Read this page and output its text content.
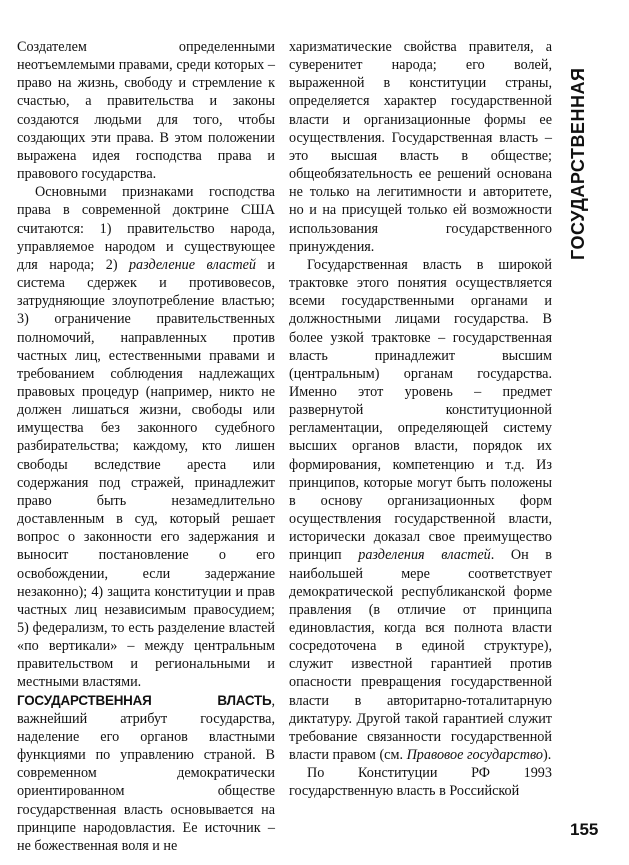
Создателем определенными неотъемлемыми правами, среди которых – право на жизнь, свободу и стремление к счастью, а правительства и законы создаются людьми для того, чтобы создающих эти права. В этом положении выражена идея господства права и правового государства.

Основными признаками господства права в современной доктрине США считаются: 1) правительство народа, управляемое народом и существующее для народа; 2) разделение властей и система сдержек и противовесов, затрудняющие злоупотребление властью; 3) ограничение правительственных полномочий, направленных против частных лиц, естественными правами и требованием соблюдения надлежащих правовых процедур (например, никто не должен лишаться жизни, свободы или имущества без законного судебного разбирательства; каждому, кто лишен свободы вследствие ареста или содержания под стражей, принадлежит право быть незамедлительно доставленным в суд, который решает вопрос о законности его задержания и выносит постановление о его освобождении, если задержание незаконно); 4) защита конституции и прав частных лиц независимым правосудием; 5) федерализм, то есть разделение властей «по вертикали» – между центральным правительством и региональными и местными властями.

ГОСУДАРСТВЕННАЯ ВЛАСТЬ, важнейший атрибут государства, наделение его органов властными функциями по управлению страной. В современном демократически ориентированном обществе государственная власть основывается на принципе народовластия. Ее источник – не божественная воля и не

харизматические свойства правителя, а суверенитет народа; его волей, выраженной в конституции страны, определяется характер государственной власти и организационные формы ее осуществления. Государственная власть – это высшая власть в обществе; общеобязательность ее решений основана не только на легитимности и авторитете, но и на присущей только ей возможности использования государственного принуждения.

Государственная власть в широкой трактовке этого понятия осуществляется всеми государственными органами и должностными лицами государства. В более узкой трактовке – государственная власть принадлежит высшим (центральным) органам государства. Именно этот уровень – предмет развернутой конституционной регламентации, определяющей систему высших органов власти, порядок их формирования, компетенцию и т.д. Из принципов, которые могут быть положены в основу организационных форм осуществления государственной власти, исторически доказал свое преимущество принцип разделения властей. Он в наибольшей мере соответствует демократической республиканской форме правления (в отличие от принципа единовластия, когда вся полнота власти сосредоточена в единой структуре), служит известной гарантией против опасности превращения государственной власти в авторитарно-тоталитарную диктатуру. Другой такой гарантией служит требование связанности государственной власти правом (см. Правовое государство).

По Конституции РФ 1993 государственную власть в Российской

ГОСУДАРСТВЕННАЯ
155
